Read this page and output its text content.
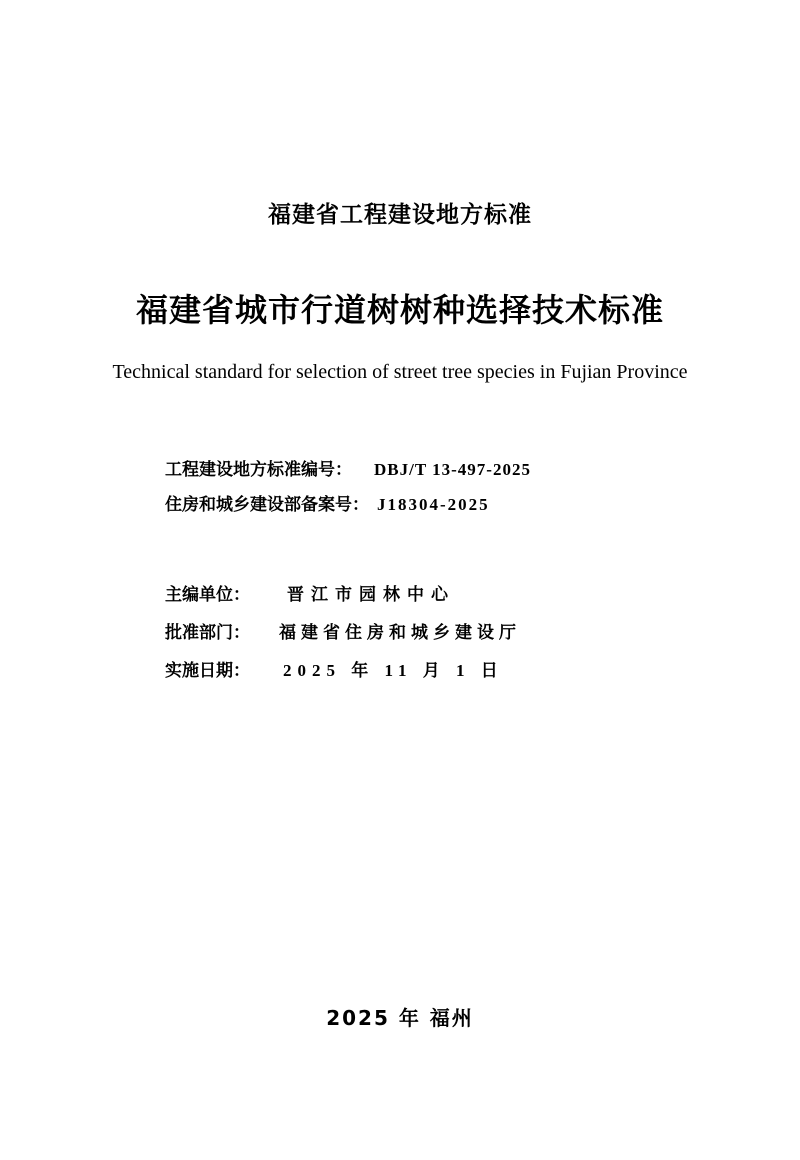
福建省工程建设地方标准
福建省城市行道树树种选择技术标准
Technical standard for selection of street tree species in Fujian Province
工程建设地方标准编号： DBJ/T 13-497-2025
住房和城乡建设部备案号： J18304-2025
主编单位：	晋江市园林中心
批准部门：	福建省住房和城乡建设厅
实施日期：	2025 年 11 月 1 日
2025 年 福州
